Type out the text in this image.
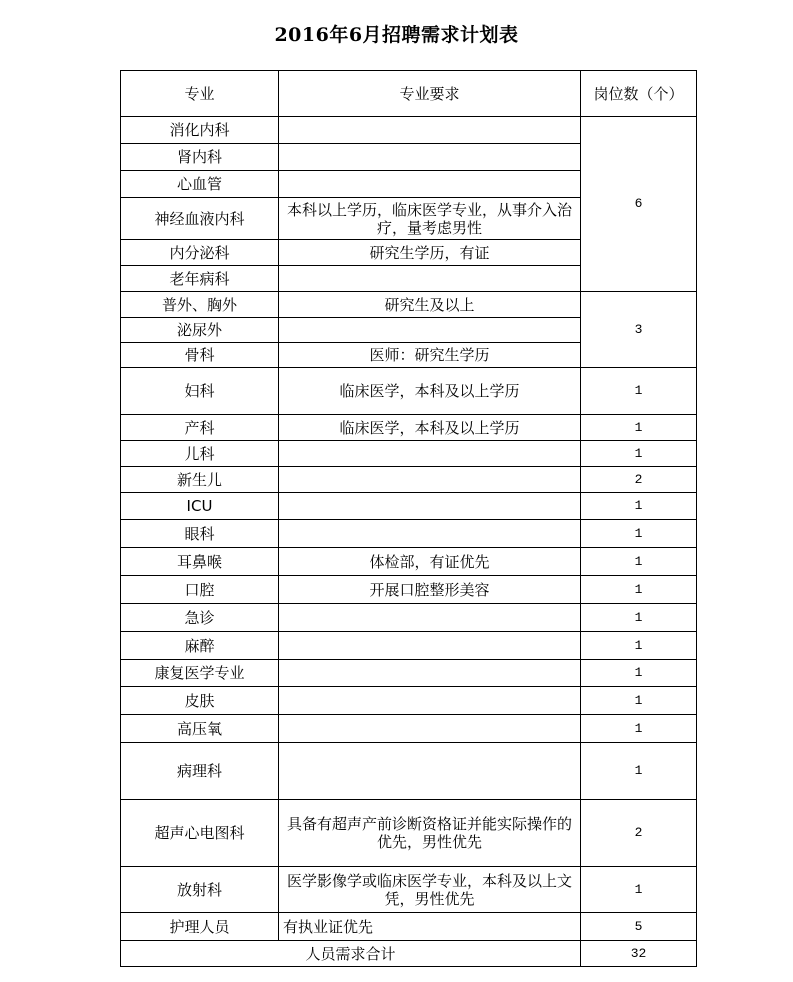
2016年6月招聘需求计划表
专业	专业要求	岗位数（个）
消化内科		6
肾内科		
心血管		
神经血液内科	本科以上学历，临床医学专业，从事介入治疗，量考虑男性	
内分泌科	研究生学历，有证	
老年病科		
普外、胸外	研究生及以上	3
泌尿外		
骨科	医师：研究生学历	
妇科	临床医学，本科及以上学历	1
产科	临床医学，本科及以上学历	1
儿科		1
新生儿		2
ICU		1
眼科		1
耳鼻喉	体检部，有证优先	1
口腔	开展口腔整形美容	1
急诊		1
麻醉		1
康复医学专业		1
皮肤		1
高压氧		1
病理科		1
超声心电图科	具备有超声产前诊断资格证并能实际操作的优先，男性优先	2
放射科	医学影像学或临床医学专业，本科及以上文凭，男性优先	1
护理人员	有执业证优先	5
人员需求合计		32
